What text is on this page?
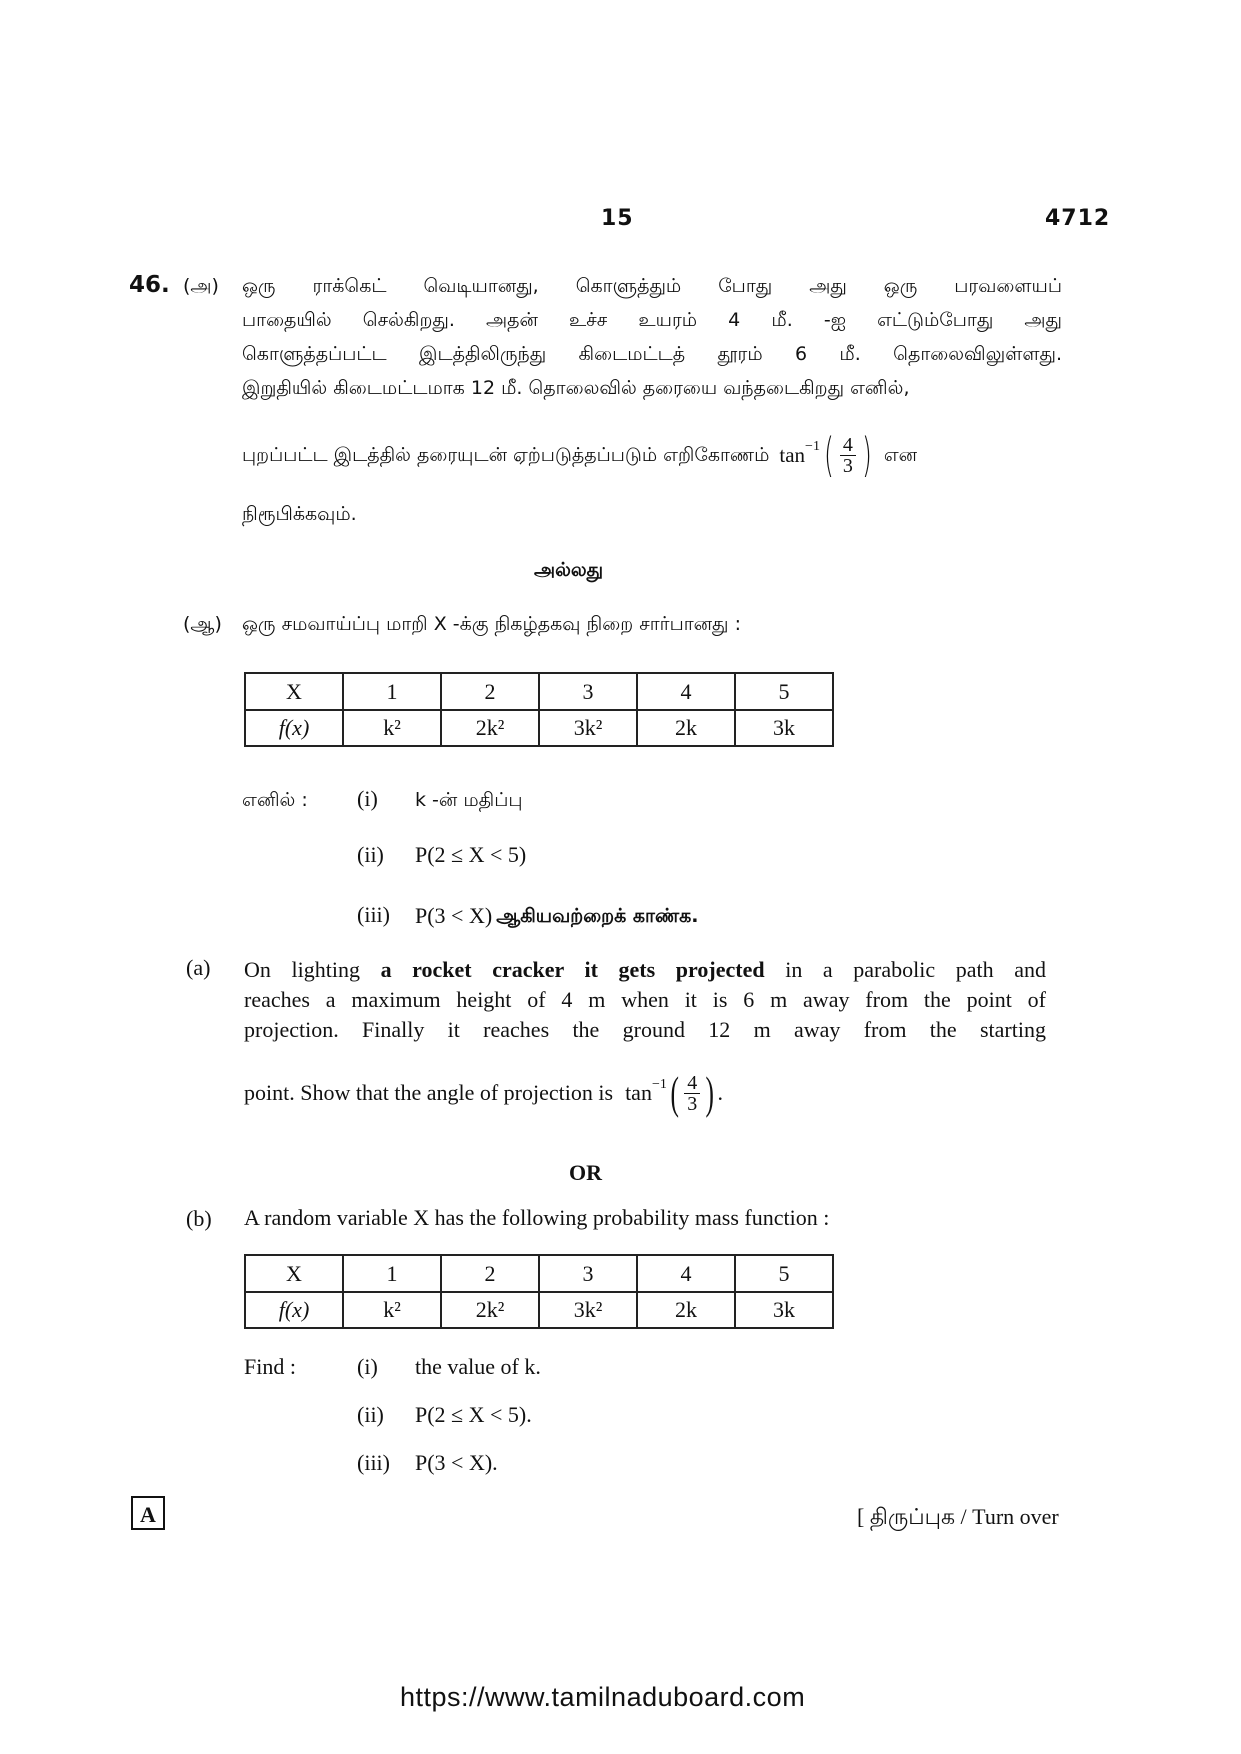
15	4712
46. (அ) ஒரு ராக்கெட் வெடியானது, கொளுத்தும் போது அது ஒரு பரவளையப்
பாதையில் செல்கிறது. அதன் உச்ச உயரம் 4 மீ. -ஐ எட்டும்போது அது
கொளுத்தப்பட்ட இடத்திலிருந்து கிடைமட்டத் தூரம் 6 மீ. தொலைவிலுள்ளது.
இறுதியில் கிடைமட்டமாக 12 மீ. தொலைவில் தரையை வந்தடைகிறது எனில்,
புறப்பட்ட இடத்தில் தரையுடன் ஏற்படுத்தப்படும் எறிகோணம் $\tan^{-1}$ ( $\frac{4}{3}$ ) என
நிரூபிக்கவும்.
அல்லது
(ஆ) ஒரு சமவாய்ப்பு மாறி X -க்கு நிகழ்தகவு நிறை சார்பானது :
X	1	2	3	4	5
f(x)	k²	2k²	3k²	2k	3k
எனில் : (i) k -ன் மதிப்பு
(ii) P(2 ≤ X < 5)
(iii) P(3 < X) ஆகியவற்றைக் காண்க.
(a) On lighting a rocket cracker it gets projected in a parabolic path and
reaches a maximum height of 4 m when it is 6 m away from the point of
projection. Finally it reaches the ground 12 m away from the starting
point. Show that the angle of projection is $\tan^{-1}$ ( $\frac{4}{3}$ ) .
OR
(b) A random variable X has the following probability mass function :
X	1	2	3	4	5
f(x)	k²	2k²	3k²	2k	3k
Find :	(i) the value of k.
(ii) P(2 ≤ X < 5).
(iii) P(3 < X).
A	[ திருப்புக / Turn over
https://www.tamilnaduboard.com
